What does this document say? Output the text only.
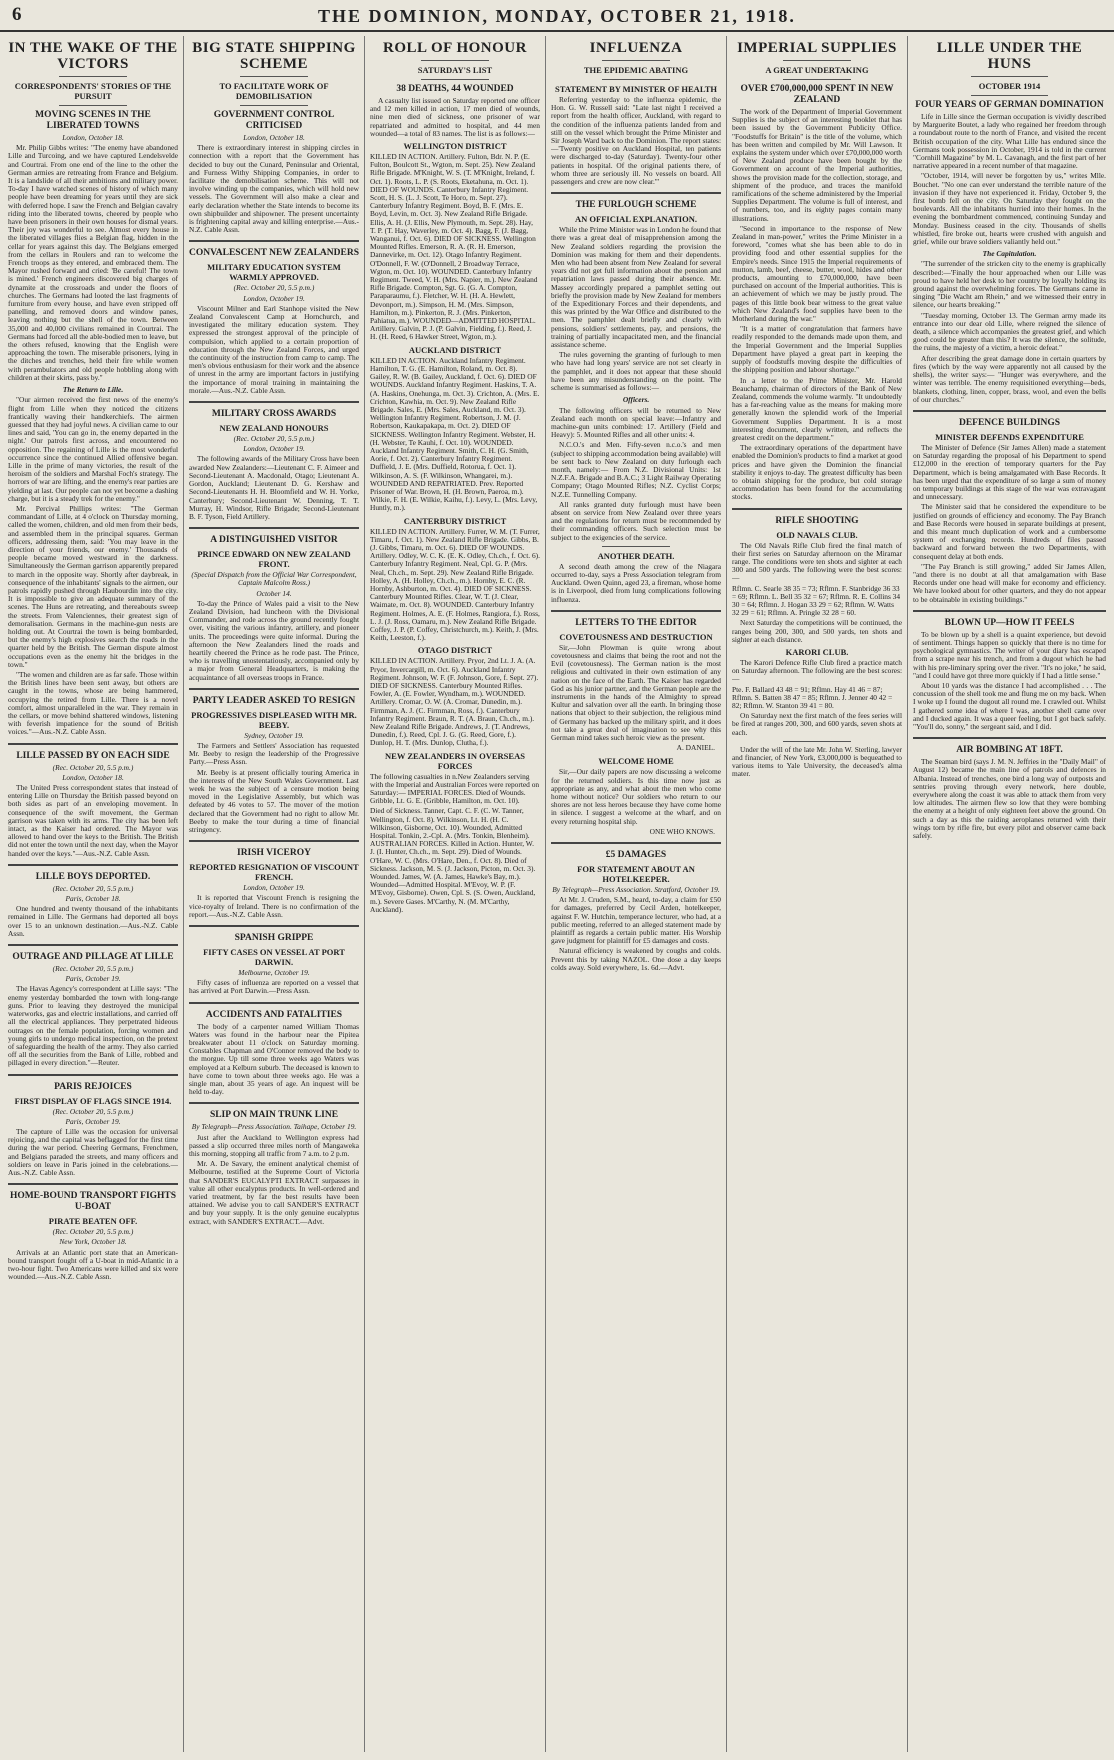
6	THE DOMINION, MONDAY, OCTOBER 21, 1918.
IN THE WAKE OF THE VICTORS
CORRESPONDENTS' STORIES OF THE PURSUIT
MOVING SCENES IN THE LIBERATED TOWNS
London, October 18.

Mr. Philip Gibbs writes: "The enemy have abandoned Lille and Turcoing, and we have captured Lendelsvelde and Courtrai. From one end of the line to the other the German armies are retreating from France and Belgium. It is a landslide of all their ambitions and military power. To-day I have watched scenes of history of which many people have been dreaming for years until they are sick with deferred hope. I saw the French and Belgian cavalry riding into the liberated towns, cheered by people who have been prisoners in their own houses for dismal years. Their joy was wonderful to see. Almost every house in the liberated villages flies a Belgian flag, hidden in the cellar for years against this day. The Belgians emerged from the cellars in Roulers and ran to welcome the French troops as they entered, and embraced them. The Mayor rushed forward and cried: 'Be careful! The town is mined.' French engineers discovered big charges of dynamite at the crossroads and under the floors of churches. The Germans had looted the last fragments of furniture from every house, and have even stripped off panelling, and removed doors and window panes, leaving nothing but the shell of the town. Between 35,000 and 40,000 civilians remained in Courtrai. The Germans had forced all the able-bodied men to leave, but the others refused, knowing that the English were approaching the town. The miserable prisoners, lying in the ditches and trenches, held their fire while women with perambulators and old people hobbling along with children at their skirts, pass by."

The Return to Lille.

"Our airmen received the first news of the enemy's flight from Lille when they noticed the citizens frantically waving their handkerchiefs. The airmen guessed that they had joyful news. A civilian came to our lines and said, 'You can go in, the enemy departed in the night.' Our patrols first across, and encountered no opposition. The regaining of Lille is the most wonderful occurrence since the continued Allied offensive began. Lille in the prime of many victories, the result of the heroism of the soldiers and Marshal Foch's strategy. The horrors of war are lifting, and the enemy's rear parties are yielding at last. Our people can not yet become a dashing charge, but it is a steady trek for the enemy."

Mr. Percival Phillips writes: "The German commandant of Lille, at 4 o'clock on Thursday morning, called the women, children, and old men from their beds, and assembled them in the principal squares. German officers, addressing them, said: 'You may leave in the direction of your friends, our enemy.' Thousands of people became moved westward in the darkness. Simultaneously the German garrison apparently prepared to march in the opposite way. Shortly after daybreak, in consequence of the inhabitants' signals to the airmen, our patrols rapidly pushed through Haubourdin into the city. It is impossible to give an adequate summary of the scenes. The Huns are retreating, and thereabouts sweep the streets. From Valenciennes, their greatest sign of demoralisation. Germans in the machine-gun nests are holding out. At Courtrai the town is being bombarded, but the enemy's high explosives search the roads in the quarter held by the British. The German dispute almost occupations even as the enemy hit the bridges in the town."

"The women and children are as far safe. Those within the British lines have been sent away, but others are caught in the towns, whose are being hammered, occupying the retired from Lille. There is a novel comfort, almost unparalleled in the war. They remain in the cellars, or move behind shattered windows, listening with feverish impatience for the sound of British voices."—Aus.-N.Z. Cable Assn.

LILLE PASSED BY ON EACH SIDE
(Rec. October 20, 5.5 p.m.)
London, October 18.

The United Press correspondent states that instead of entering Lille on Thursday the British passed beyond on both sides as part of an enveloping movement. In consequence of the swift movement, the German garrison was taken with its arms. The city has been left intact, as the Kaiser had ordered. The Mayor was allowed to hand over the keys to the British. The British did not enter the town until the next day, when the Mayor handed over the keys."—Aus.-N.Z. Cable Assn.

LILLE BOYS DEPORTED.
(Rec. October 20, 5.5 p.m.)
Paris, October 18.

One hundred and twenty thousand of the inhabitants remained in Lille. The Germans had deported all boys over 15 to an unknown destination.—Aus.-N.Z. Cable Assn.

OUTRAGE AND PILLAGE AT LILLE
(Rec. October 20, 5.5 p.m.)
Paris, October 19.

The Havas Agency's correspondent at Lille says: "The enemy yesterday bombarded the town with long-range guns. Prior to leaving they destroyed the municipal waterworks, gas and electric installations, and carried off all the electrical appliances. They perpetrated hideous outrages on the female population, forcing women and young girls to undergo medical inspection, on the pretext of safeguarding the health of the army. They also carried off all the securities from the Bank of Lille, robbed and pillaged in every direction."—Reuter.

PARIS REJOICES
FIRST DISPLAY OF FLAGS SINCE 1914.
(Rec. October 20, 5.5 p.m.)
Paris, October 19.

The capture of Lille was the occasion for universal rejoicing, and the capital was beflagged for the first time during the war period. Cheering Germans, Frenchmen, and Belgians paraded the streets, and many officers and soldiers on leave in Paris joined in the celebrations.—Aus.-N.Z. Cable Assn.

HOME-BOUND TRANSPORT FIGHTS U-BOAT
PIRATE BEATEN OFF.
(Rec. October 20, 5.5 p.m.)
New York, October 18.

Arrivals at an Atlantic port state that an American-bound transport fought off a U-boat in mid-Atlantic in a two-hour fight. Two Americans were killed and six were wounded.—Aus.-N.Z. Cable Assn.

BIG STATE SHIPPING SCHEME
TO FACILITATE WORK OF DEMOBILISATION
GOVERNMENT CONTROL CRITICISED
London, October 18.

There is extraordinary interest in shipping circles in connection with a report that the Government has decided to buy out the Cunard, Peninsular and Oriental, and Furness Withy Shipping Companies, in order to facilitate the demobilisation scheme. This will not involve winding up the companies, which will hold new vessels. The Government will also make a clear and early declaration whether the State intends to become its own shipbuilder and shipowner. The present uncertainty is frightening capital away and killing enterprise.—Aus.-N.Z. Cable Assn.

CONVALESCENT NEW ZEALANDERS
MILITARY EDUCATION SYSTEM WARMLY APPROVED.
(Rec. October 20, 5.5 p.m.)
London, October 19.

Viscount Milner and Earl Stanhope visited the New Zealand Convalescent Camp at Hornchurch, and investigated the military education system. They expressed the strongest approval of the principle of compulsion, which applied to a certain proportion of education through the New Zealand Forces, and urged the continuity of the instruction from camp to camp. The men's obvious enthusiasm for their work and the absence of unrest in the army are important factors in justifying the importance of moral training in maintaining the morale.—Aus.-N.Z. Cable Assn.

MILITARY CROSS AWARDS
NEW ZEALAND HONOURS
(Rec. October 20, 5.5 p.m.)
London, October 19.

The following awards of the Military Cross have been awarded New Zealanders:—Lieutenant C. F. Aimeer and Second-Lieutenant A. Macdonald, Otago; Lieutenant A. Gordon, Auckland; Lieutenant D. G. Kershaw and Second-Lieutenants H. H. Bloomfield and W. H. Yorke, Canterbury; Second-Lieutenant W. Denning, T. T. Murray, H. Windsor, Rifle Brigade; Second-Lieutenant B. F. Tyson, Field Artillery.

A DISTINGUISHED VISITOR
PRINCE EDWARD ON NEW ZEALAND FRONT.
(Special Dispatch from the Official War Correspondent, Captain Malcolm Ross.)
October 14.

To-day the Prince of Wales paid a visit to the New Zealand Division, had luncheon with the Divisional Commander, and rode across the ground recently fought over, visiting the various infantry, artillery, and pioneer units. The proceedings were quite informal. During the afternoon the New Zealanders lined the roads and heartily cheered the Prince as he rode past. The Prince, who is travelling unostentatiously, accompanied only by a major from General Headquarters, is making the acquaintance of all overseas troops in France.

PARTY LEADER ASKED TO RESIGN
PROGRESSIVES DISPLEASED WITH MR. BEEBY.
Sydney, October 19.

The Farmers and Settlers' Association has requested Mr. Beeby to resign the leadership of the Progressive Party.—Press Assn.

Mr. Beeby is at present officially touring America in the interests of the New South Wales Government. Last week he was the subject of a censure motion being moved in the Legislative Assembly, but which was defeated by 46 votes to 57. The mover of the motion declared that the Government had no right to allow Mr. Beeby to make the tour during a time of financial stringency.

IRISH VICEROY
REPORTED RESIGNATION OF VISCOUNT FRENCH.
London, October 19.

It is reported that Viscount French is resigning the vice-royalty of Ireland. There is no confirmation of the report.—Aus.-N.Z. Cable Assn.

SPANISH GRIPPE
FIFTY CASES ON VESSEL AT PORT DARWIN.
Melbourne, October 19.

Fifty cases of influenza are reported on a vessel that has arrived at Port Darwin.—Press Assn.

ACCIDENTS AND FATALITIES

The body of a carpenter named William Thomas Waters was found in the harbour near the Pipitea breakwater about 11 o'clock on Saturday morning. Constables Chapman and O'Connor removed the body to the morgue. Up till some three weeks ago Waters was employed at a Kelburn suburb. The deceased is known to have come to town about three weeks ago. He was a single man, about 35 years of age. An inquest will be held to-day.

SLIP ON MAIN TRUNK LINE
By Telegraph—Press Association. Taihape, October 19.

Just after the Auckland to Wellington express had passed a slip occurred three miles north of Mangaweka this morning, stopping all traffic from 7 a.m. to 2 p.m.

Mr. A. De Savary, the eminent analytical chemist of Melbourne, testified at the Supreme Court of Victoria that SANDER'S EUCALYPTI EXTRACT surpasses in value all other eucalyptus products. In well-ordered and varied treatment, by far the best results have been attained. We advise you to call SANDER'S EXTRACT and buy your supply. It is the only genuine eucalyptus extract, with SANDER'S EXTRACT.—Advt.

ROLL OF HONOUR
SATURDAY'S LIST
38 DEATHS, 44 WOUNDED

A casualty list issued on Saturday reported one officer and 12 men killed in action, 17 men died of wounds, nine men died of sickness, one prisoner of war repatriated and admitted to hospital, and 44 men wounded—a total of 83 names. The list is as follows:—

WELLINGTON DISTRICT

KILLED IN ACTION. Artillery. Fulton, Bdr. N. P. (E. Fulton, Boulcott St., Wgton, m. Sept. 25). New Zealand Rifle Brigade. M'Knight, W. S. (T. M'Knight, Ireland, f. Oct. 1). Roots, L. P. (S. Roots, Eketahuna, m. Oct. 1). DIED OF WOUNDS. Canterbury Infantry Regiment. Scott, H. S. (L. J. Scott, Te Horo, m. Sept. 27). Canterbury Infantry Regiment. Boyd, B. F. (Mrs. E. Boyd, Levin, m. Oct. 3). New Zealand Rifle Brigade. Ellis, A. H. (J. Ellis, New Plymouth, m. Sept. 28). Hay, T. P. (T. Hay, Waverley, m. Oct. 4). Bagg, F. (J. Bagg, Wanganui, f. Oct. 6). DIED OF SICKNESS. Wellington Mounted Rifles. Emerson, R. A. (R. H. Emerson, Dannevirke, m. Oct. 12). Otago Infantry Regiment. O'Donnell, F. W. (O'Donnell, 2 Broadway Terrace, Wgton, m. Oct. 10). WOUNDED. Canterbury Infantry Regiment. Tweed, V. H. (Mrs. Napier, m.). New Zealand Rifle Brigade. Compton, Sgt. G. (G. A. Compton, Paraparaumu, f.). Fletcher, W. H. (H. A. Hewlett, Devonport, m.). Simpson, H. M. (Mrs. Simpson, Hamilton, m.). Pinkerton, R. J. (Mrs. Pinkerton, Pahiatua, m.). WOUNDED—ADMITTED HOSPITAL. Artillery. Galvin, P. J. (P. Galvin, Fielding, f.). Reed, J. H. (H. Reed, 6 Hawker Street, Wgton, m.).

AUCKLAND DISTRICT

KILLED IN ACTION. Auckland Infantry Regiment. Hamilton, T. G. (E. Hamilton, Roland, m. Oct. 8). Gailey, R. W. (B. Gailey, Auckland, f. Oct. 6). DIED OF WOUNDS. Auckland Infantry Regiment. Haskins, T. A. (A. Haskins, Onehunga, m. Oct. 3). Crichton, A. (Mrs. E. Crichton, Kawhia, m. Oct. 9). New Zealand Rifle Brigade. Sales, E. (Mrs. Sales, Auckland, m. Oct. 3). Wellington Infantry Regiment. Robertson, J. M. (J. Robertson, Kaukapakapa, m. Oct. 2). DIED OF SICKNESS. Wellington Infantry Regiment. Webster, H. (H. Webster, Te Kauhi, f. Oct. 10). WOUNDED. Auckland Infantry Regiment. Smith, C. H. (G. Smith, Aorie, f. Oct. 2). Canterbury Infantry Regiment. Duffield, J. E. (Mrs. Duffield, Rotorua, f. Oct. 1). Wilkinson, A. S. (F. Wilkinson, Whangarei, m.). WOUNDED AND REPATRIATED. Prev. Reported Prisoner of War. Brown, H. (H. Brown, Paeroa, m.). Wilkie, F. H. (E. Wilkie, Kaihu, f.). Levy, L. (Mrs. Levy, Huntly, m.).

CANTERBURY DISTRICT

KILLED IN ACTION. Artillery. Furrer, W. M. (T. Furrer, Timaru, f. Oct. 1). New Zealand Rifle Brigade. Gibbs, B. (J. Gibbs, Timaru, m. Oct. 6). DIED OF WOUNDS. Artillery. Odley, W. C. K. (E. K. Odley, Ch.ch., f. Oct. 6). Canterbury Infantry Regiment. Neal, Cpl. G. P. (Mrs. Neal, Ch.ch., m. Sept. 29). New Zealand Rifle Brigade. Holley, A. (H. Holley, Ch.ch., m.). Hornby, E. C. (R. Hornby, Ashburton, m. Oct. 4). DIED OF SICKNESS. Canterbury Mounted Rifles. Clear, W. T. (J. Clear, Waimate, m. Oct. 8). WOUNDED. Canterbury Infantry Regiment. Holmes, A. E. (F. Holmes, Rangiora, f.). Ross, L. J. (J. Ross, Oamaru, m.). New Zealand Rifle Brigade. Coffey, J. P. (P. Coffey, Christchurch, m.). Keith, J. (Mrs. Keith, Leeston, f.).

OTAGO DISTRICT

KILLED IN ACTION. Artillery. Pryor, 2nd Lt. J. A. (A. Pryor, Invercargill, m. Oct. 6). Auckland Infantry Regiment. Johnson, W. F. (F. Johnson, Gore, f. Sept. 27). DIED OF SICKNESS. Canterbury Mounted Rifles. Fowler, A. (E. Fowler, Wyndham, m.). WOUNDED. Artillery. Cromar, O. W. (A. Cromar, Dunedin, m.). Firmman, A. J. (C. Firmman, Ross, f.). Canterbury Infantry Regiment. Braun, R. T. (A. Braun, Ch.ch., m.). New Zealand Rifle Brigade. Andrews, J. (T. Andrews, Dunedin, f.). Reed, Cpl. J. G. (G. Reed, Gore, f.). Dunlop, H. T. (Mrs. Dunlop, Clutha, f.).

NEW ZEALANDERS IN OVERSEAS FORCES

The following casualties in n.New Zealanders serving with the Imperial and Australian Forces were reported on Saturday:— IMPERIAL FORCES. Died of Wounds. Gribble, Lt. G. E. (Gribble, Hamilton, m. Oct. 10).

Died of Sickness. Tanner, Capt. C. F. (C. W. Tanner, Wellington, f. Oct. 8). Wilkinson, Lt. H. (H. C. Wilkinson, Gisborne, Oct. 10). Wounded, Admitted Hospital. Tonkin, 2.-Cpl. A. (Mrs. Tonkin, Blenheim). AUSTRALIAN FORCES. Killed in Action. Hunter, W. J. (I. Hunter, Ch.ch., m. Sept. 29). Died of Wounds. O'Hare, W. C. (Mrs. O'Hare, Den., f. Oct. 8). Died of Sickness. Jackson, M. S. (J. Jackson, Picton, m. Oct. 3). Wounded. James, W. (A. James, Hawke's Bay, m.). Wounded—Admitted Hospital. M'Evoy, W. P. (F. M'Evoy, Gisborne). Owen, Cpl. S. (S. Owen, Auckland, m.). Severe Gases. M'Carthy, N. (M. M'Carthy, Auckland).

INFLUENZA
THE EPIDEMIC ABATING
STATEMENT BY MINISTER OF HEALTH

Referring yesterday to the influenza epidemic, the Hon. G. W. Russell said: "Late last night I received a report from the health officer, Auckland, with regard to the condition of the influenza patients landed from and still on the vessel which brought the Prime Minister and Sir Joseph Ward back to the Dominion. The report states:—'Twenty positive on Auckland Hospital, ten patients were discharged to-day (Saturday). Twenty-four other patients in hospital. Of the original patients there, of whom three are seriously ill. No vessels on board. All passengers and crew are now clear.'"

THE FURLOUGH SCHEME
AN OFFICIAL EXPLANATION.

While the Prime Minister was in London he found that there was a great deal of misapprehension among the New Zealand soldiers regarding the provision the Dominion was making for them and their dependents. Men who had been absent from New Zealand for several years did not get full information about the pension and repatriation laws passed during their absence. Mr. Massey accordingly prepared a pamphlet setting out briefly the provision made by New Zealand for members of the Expeditionary Forces and their dependents, and this was printed by the War Office and distributed to the men. The pamphlet dealt briefly and clearly with pensions, soldiers' settlements, pay, and pensions, the training of partially incapacitated men, and the financial assistance scheme.

The rules governing the granting of furlough to men who have had long years' service are not set clearly in the pamphlet, and it does not appear that these should have been any misunderstanding on the point. The scheme is summarised as follows:—

Officers.

The following officers will be returned to New Zealand each month on special leave:—Infantry and machine-gun units combined: 17. Artillery (Field and Heavy): 5. Mounted Rifles and all other units: 4.

N.C.O.'s and Men. Fifty-seven n.c.o.'s and men (subject to shipping accommodation being available) will be sent back to New Zealand on duty furlough each month, namely:— From N.Z. Divisional Units: 1st N.Z.F.A. Brigade and B.A.C.; 3 Light Railway Operating Company; Otago Mounted Rifles; N.Z. Cyclist Corps; N.Z.E. Tunnelling Company.

All ranks granted duty furlough must have been absent on service from New Zealand over three years and the regulations for return must be recommended by their commanding officers. Such selection must be subject to the exigencies of the service.

ANOTHER DEATH.

A second death among the crew of the Niagara occurred to-day, says a Press Association telegram from Auckland. Owen Quinn, aged 23, a fireman, whose home is in Liverpool, died from lung complications following influenza.

LETTERS TO THE EDITOR
COVETOUSNESS AND DESTRUCTION

Sir,—John Plowman is quite wrong about covetousness and claims that being the root and not the Evil (covetousness). The German nation is the most religious and cultivated in their own estimation of any nation on the face of the Earth. The Kaiser has regarded God as his junior partner, and the German people are the instruments in the hands of the Almighty to spread Kultur and salvation over all the earth. In bringing those nations that object to their subjection, the religious mind of Germany has backed up the military spirit, and it does not take a great deal of imagination to see why this German mind takes such heroic view as the present.

A. DANIEL.
WELCOME HOME

Sir,—Our daily papers are now discussing a welcome for the returned soldiers. Is this time now just as appropriate as any, and what about the men who come home without notice? Our soldiers who return to our shores are not less heroes because they have come home in silence. I suggest a welcome at the wharf, and on every returning hospital ship.

ONE WHO KNOWS.
£5 DAMAGES
FOR STATEMENT ABOUT AN HOTELKEEPER.
By Telegraph—Press Association. Stratford, October 19.

At Mr. J. Cruden, S.M., heard, to-day, a claim for £50 for damages, preferred by Cecil Arden, hotelkeeper, against F. W. Hutchin, temperance lecturer, who had, at a public meeting, referred to an alleged statement made by plaintiff as regards a certain public matter. His Worship gave judgment for plaintiff for £5 damages and costs.

Natural efficiency is weakened by coughs and colds. Prevent this by taking NAZOL. One dose a day keeps colds away. Sold everywhere, 1s. 6d.—Advt.

IMPERIAL SUPPLIES
A GREAT UNDERTAKING
OVER £700,000,000 SPENT IN NEW ZEALAND

The work of the Department of Imperial Government Supplies is the subject of an interesting booklet that has been issued by the Government Publicity Office. "Foodstuffs for Britain" is the title of the volume, which has been written and compiled by Mr. Will Lawson. It explains the system under which over £70,000,000 worth of New Zealand produce have been bought by the Government on account of the Imperial authorities, shows the provision made for the collection, storage, and shipment of the produce, and traces the manifold ramifications of the scheme administered by the Imperial Supplies Department. The volume is full of interest, and of numbers, too, and its eighty pages contain many illustrations.

"Second in importance to the response of New Zealand in man-power," writes the Prime Minister in a foreword, "comes what she has been able to do in providing food and other essential supplies for the Empire's needs. Since 1915 the Imperial requirements of mutton, lamb, beef, cheese, butter, wool, hides and other products, amounting to £70,000,000, have been purchased on account of the Imperial authorities. This is an achievement of which we may be justly proud. The pages of this little book bear witness to the great value which New Zealand's food supplies have been to the Motherland during the war."

"It is a matter of congratulation that farmers have readily responded to the demands made upon them, and the Imperial Government and the Imperial Supplies Department have played a great part in keeping the supply of foodstuffs moving despite the difficulties of the shipping position and labour shortage."

In a letter to the Prime Minister, Mr. Harold Beauchamp, chairman of directors of the Bank of New Zealand, commends the volume warmly. "It undoubtedly has a far-reaching value as the means for making more generally known the splendid work of the Imperial Government Supplies Department. It is a most interesting document, clearly written, and reflects the greatest credit on the department."

The extraordinary operations of the department have enabled the Dominion's products to find a market at good prices and have given the Dominion the financial stability it enjoys to-day. The greatest difficulty has been to obtain shipping for the produce, but cold storage accommodation has been found for the accumulating stocks.

RIFLE SHOOTING
OLD NAVALS CLUB.

The Old Navals Rifle Club fired the final match of their first series on Saturday afternoon on the Miramar range. The conditions were ten shots and sighter at each 300 and 500 yards. The following were the best scores:—

Rflmn. C. Searle 38 35 = 73; Rflmn. F. Stanbridge 36 33 = 69; Rflmn. L. Bell 35 32 = 67; Rflmn. R. E. Collins 34 30 = 64; Rflmn. J. Hogan 33 29 = 62; Rflmn. W. Watts 32 29 = 61; Rflmn. A. Pringle 32 28 = 60.

Next Saturday the competitions will be continued, the ranges being 200, 300, and 500 yards, ten shots and sighter at each distance.

KARORI CLUB.

The Karori Defence Rifle Club fired a practice match on Saturday afternoon. The following are the best scores:—

Pte. F. Ballard 43 48 = 91; Rflmn. Hay 41 46 = 87; Rflmn. S. Batten 38 47 = 85; Rflmn. J. Jenner 40 42 = 82; Rflmn. W. Stanton 39 41 = 80.

On Saturday next the first match of the fees series will be fired at ranges 200, 300, and 600 yards, seven shots at each.

Under the will of the late Mr. John W. Sterling, lawyer and financier, of New York, £3,000,000 is bequeathed to various items to Yale University, the deceased's alma mater.

LILLE UNDER THE HUNS
OCTOBER 1914
FOUR YEARS OF GERMAN DOMINATION

Life in Lille since the German occupation is vividly described by Marguerite Boutet, a lady who regained her freedom through a roundabout route to the north of France, and visited the recent British occupation of the city. What Lille has endured since the Germans took possession in October, 1914 is told in the current "Cornhill Magazine" by M. L. Cavanagh, and the first part of her narrative appeared in a recent number of that magazine.

"October, 1914, will never be forgotten by us," writes Mlle. Bouchet. "No one can ever understand the terrible nature of the invasion if they have not experienced it. Friday, October 9, the first bomb fell on the city. On Saturday they fought on the boulevards. All the inhabitants hurried into their homes. In the evening the bombardment commenced, continuing Sunday and Monday. Business ceased in the city. Thousands of shells whistled, fire broke out, hearts were crushed with anguish and grief, while our brave soldiers valiantly held out."

The Capitulation.

"The surrender of the stricken city to the enemy is graphically described:—'Finally the hour approached when our Lille was proud to have held her desk to her country by loyally holding its ground against the overwhelming forces. The Germans came in singing "Die Wacht am Rhein," and we witnessed their entry in silence, our hearts breaking.'"

"Tuesday morning, October 13. The German army made its entrance into our dear old Lille, where reigned the silence of death, a silence which accompanies the greatest grief, and which good could be greater than this? It was the silence, the solitude, the ruins, the majesty of a victim, a heroic defeat."

After describing the great damage done in certain quarters by fires (which by the way were apparently not all caused by the shells), the writer says:— "Hunger was everywhere, and the winter was terrible. The enemy requisitioned everything—beds, blankets, clothing, linen, copper, brass, wool, and even the bells of our churches."

DEFENCE BUILDINGS
MINISTER DEFENDS EXPENDITURE

The Minister of Defence (Sir James Allen) made a statement on Saturday regarding the proposal of his Department to spend £12,000 in the erection of temporary quarters for the Pay Department, which is being amalgamated with Base Records. It has been urged that the expenditure of so large a sum of money on temporary buildings at this stage of the war was extravagant and unnecessary.

The Minister said that he considered the expenditure to be justified on grounds of efficiency and economy. The Pay Branch and Base Records were housed in separate buildings at present, and this meant much duplication of work and a cumbersome system of exchanging records. Hundreds of files passed backward and forward between the two Departments, with consequent delay at both ends.

"The Pay Branch is still growing," added Sir James Allen, "and there is no doubt at all that amalgamation with Base Records under one head will make for economy and efficiency. We have looked about for other quarters, and they do not appear to be obtainable in existing buildings."

BLOWN UP—HOW IT FEELS

To be blown up by a shell is a quaint experience, but devoid of sentiment. Things happen so quickly that there is no time for psychological gymnastics. The writer of your diary has escaped from a scrape near his trench, and from a dugout which he had with his pre-liminary spring over the river. "It's no joke," he said, "and I could have got three more quickly if I had a little sense."

About 10 yards was the distance I had accomplished . . . The concussion of the shell took me and flung me on my back. When I woke up I found the dugout all round me. I crawled out. Whilst I gathered some idea of where I was, another shell came over and I ducked again. It was a queer feeling, but I got back safely. "You'll do, sonny," the sergeant said, and I did.

AIR BOMBING AT 18FT.

The Seaman bird (says J. M. N. Jeffries in the "Daily Mail" of August 12) became the main line of patrols and defences in Albania. Instead of trenches, one bird a long way of outposts and sentries proving through every network, here double, everywhere along the coast it was able to attack them from very low altitudes. The airmen flew so low that they were bombing the enemy at a height of only eighteen feet above the ground. On such a day as this the raiding aeroplanes returned with their wings torn by rifle fire, but every pilot and observer came back safely.
